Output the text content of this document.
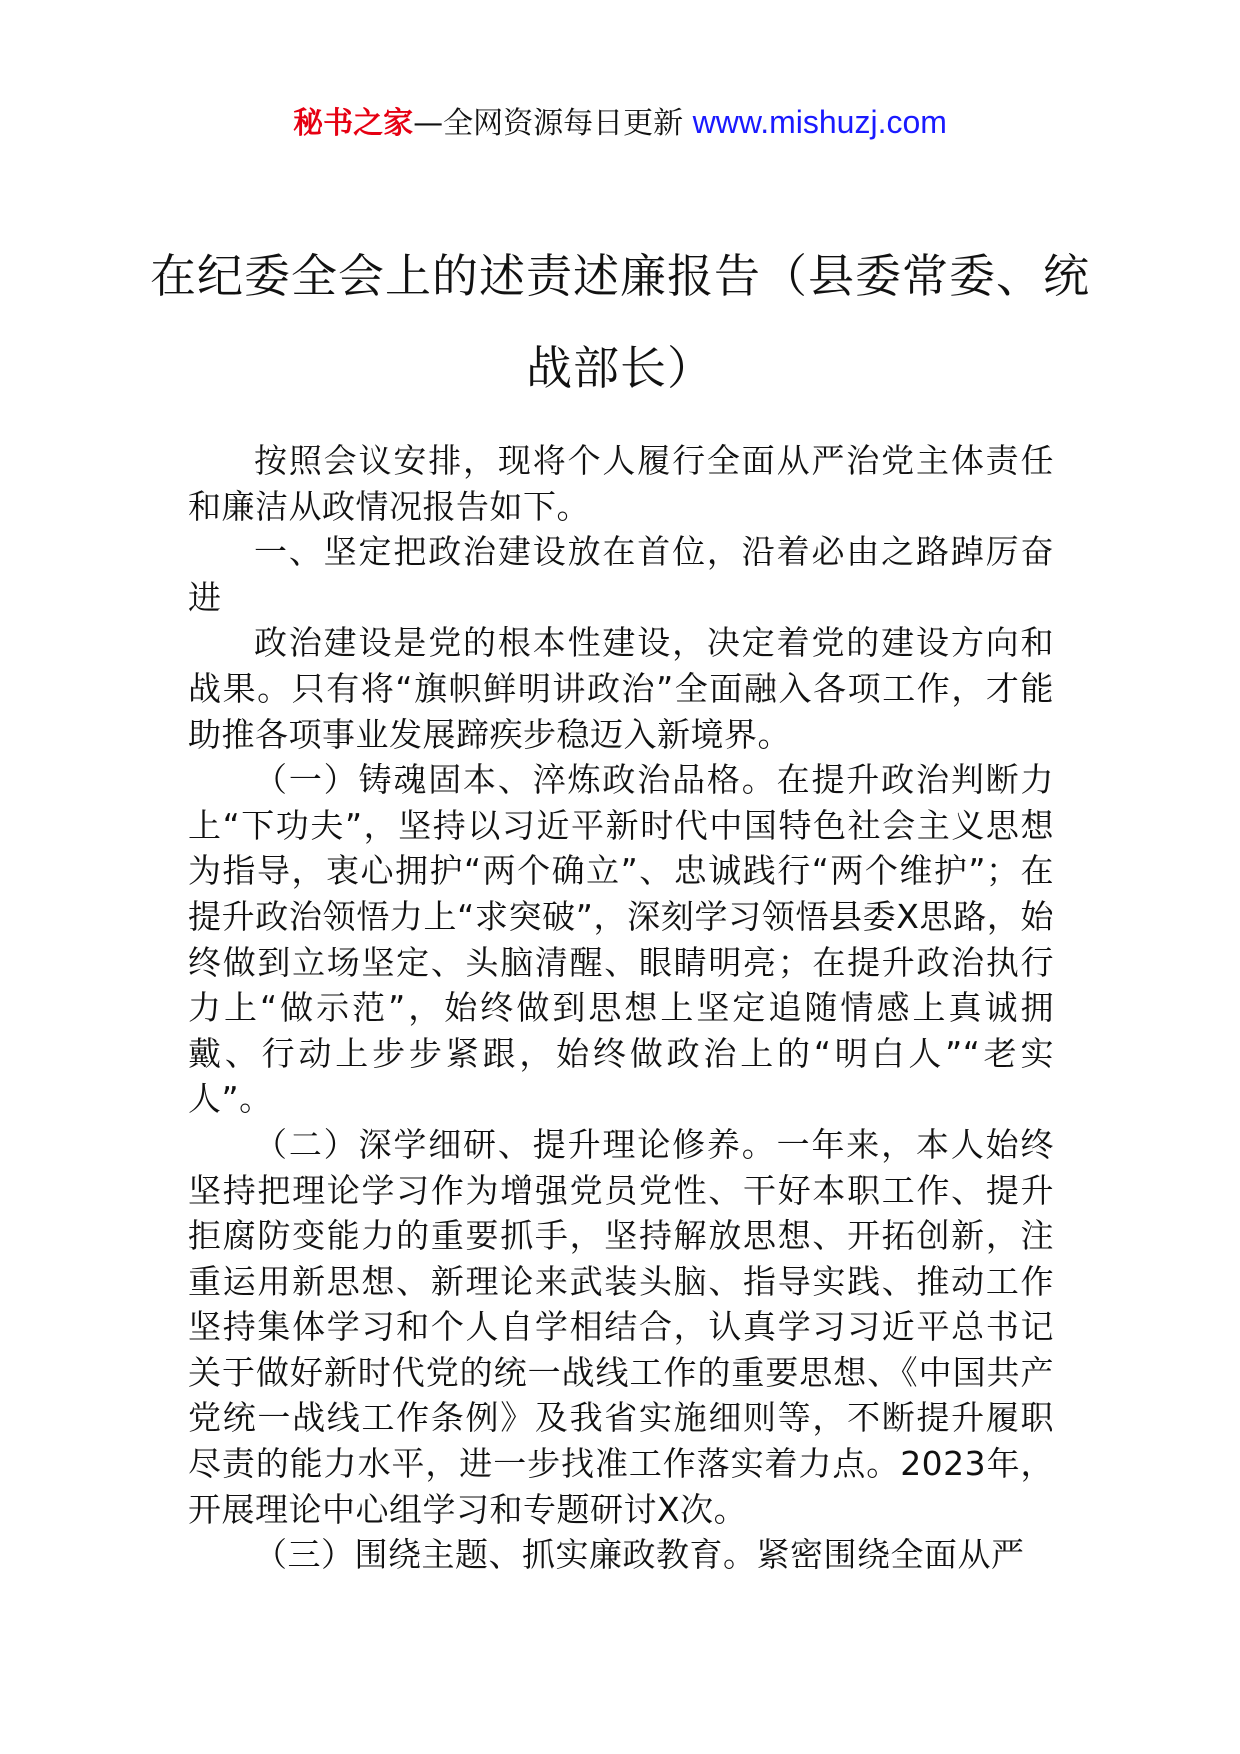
秘书之家—全网资源每日更新 www.mishuzj.com
在纪委全会上的述责述廉报告（县委常委、统战部长）

按照会议安排，现将个人履行全面从严治党主体责任和廉洁从政情况报告如下。

一、坚定把政治建设放在首位，沿着必由之路踔厉奋进

政治建设是党的根本性建设，决定着党的建设方向和战果。只有将“旗帜鲜明讲政治”全面融入各项工作，才能助推各项事业发展蹄疾步稳迈入新境界。

（一）铸魂固本、淬炼政治品格。在提升政治判断力上“下功夫”，坚持以习近平新时代中国特色社会主义思想为指导，衷心拥护“两个确立”、忠诚践行“两个维护”；在提升政治领悟力上“求突破”，深刻学习领悟县委X思路，始终做到立场坚定、头脑清醒、眼睛明亮；在提升政治执行力上“做示范”，始终做到思想上坚定追随情感上真诚拥戴、行动上步步紧跟，始终做政治上的“明白人”“老实人”。

（二）深学细研、提升理论修养。一年来，本人始终坚持把理论学习作为增强党员党性、干好本职工作、提升拒腐防变能力的重要抓手，坚持解放思想、开拓创新，注重运用新思想、新理论来武装头脑、指导实践、推动工作坚持集体学习和个人自学相结合，认真学习习近平总书记关于做好新时代党的统一战线工作的重要思想、《中国共产党统一战线工作条例》及我省实施细则等，不断提升履职尽责的能力水平，进一步找准工作落实着力点。2023年，开展理论中心组学习和专题研讨X次。

（三）围绕主题、抓实廉政教育。紧密围绕全面从严
